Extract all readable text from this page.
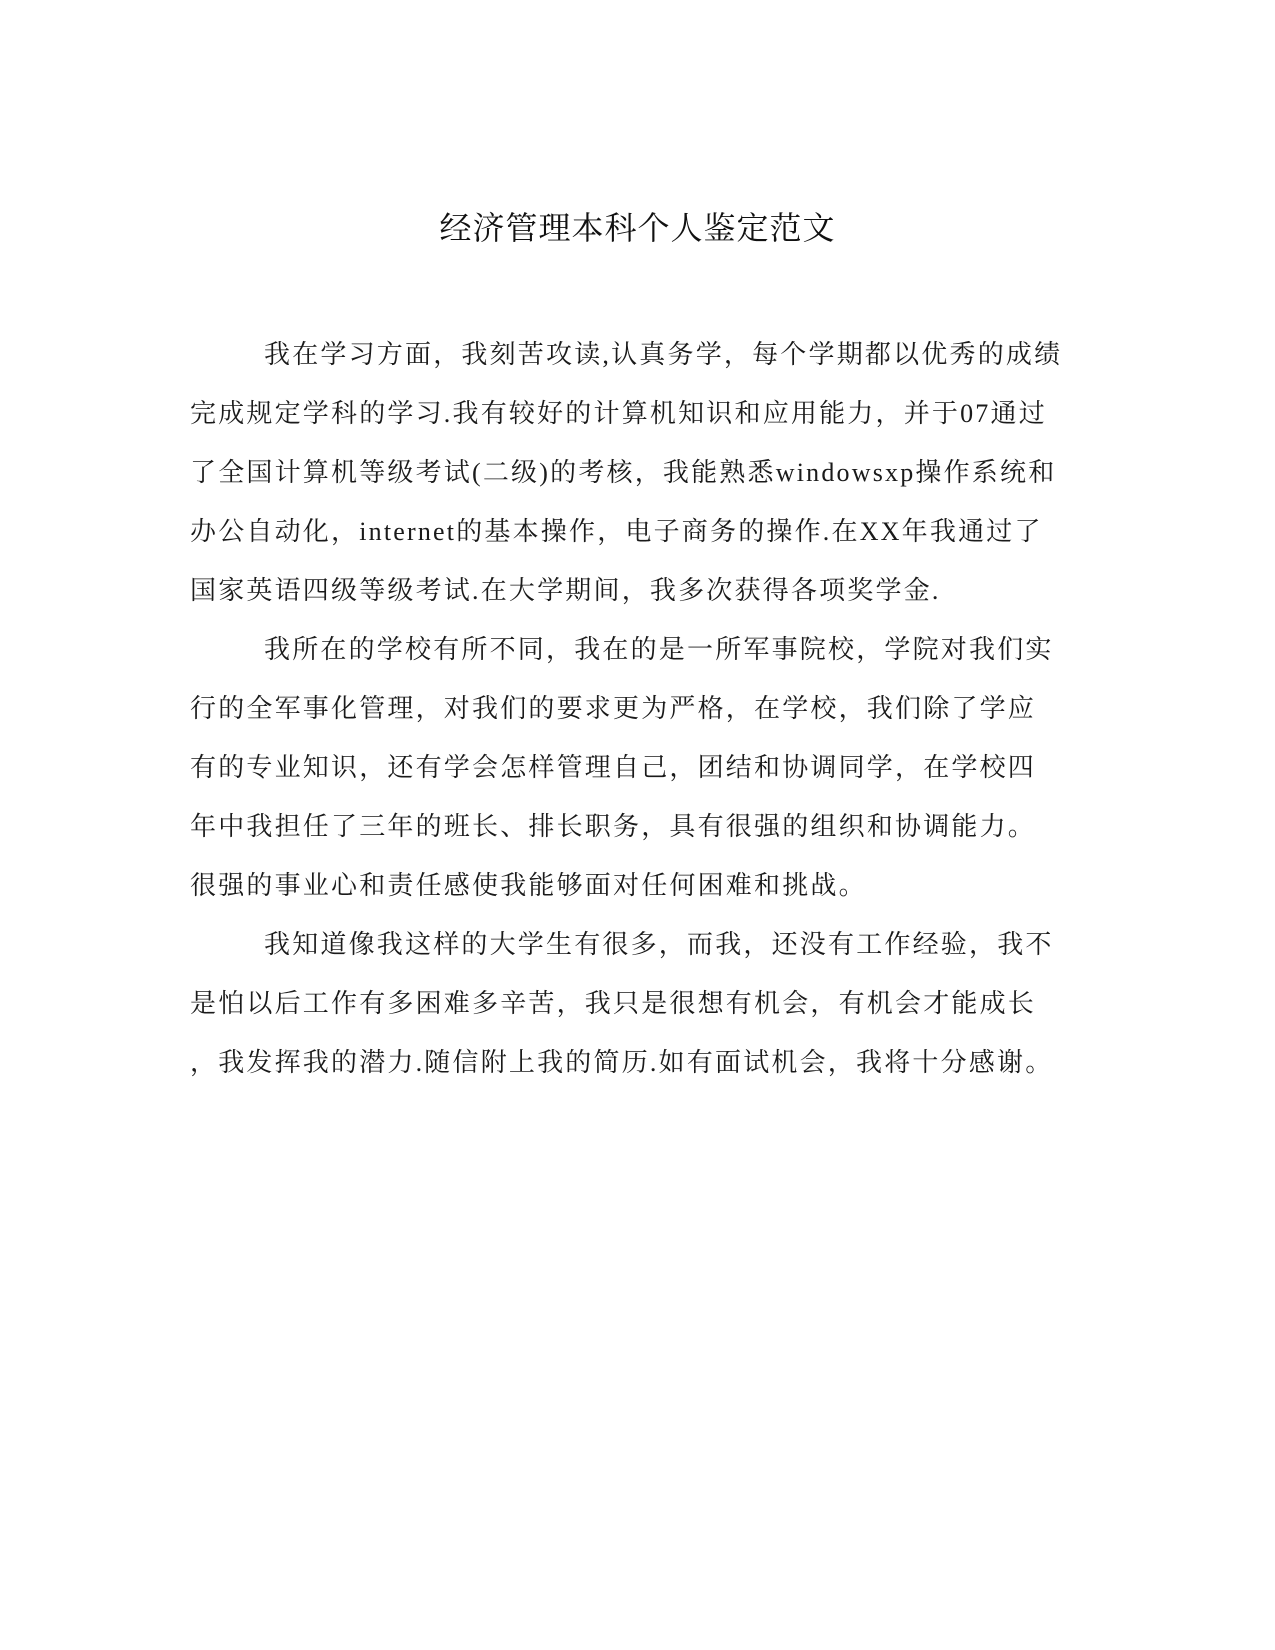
经济管理本科个人鉴定范文
我在学习方面，我刻苦攻读,认真务学，每个学期都以优秀的成绩
完成规定学科的学习.我有较好的计算机知识和应用能力，并于07通过
了全国计算机等级考试(二级)的考核，我能熟悉windowsxp操作系统和
办公自动化，internet的基本操作，电子商务的操作.在XX年我通过了
国家英语四级等级考试.在大学期间，我多次获得各项奖学金.
我所在的学校有所不同，我在的是一所军事院校，学院对我们实
行的全军事化管理，对我们的要求更为严格，在学校，我们除了学应
有的专业知识，还有学会怎样管理自己，团结和协调同学，在学校四
年中我担任了三年的班长、排长职务，具有很强的组织和协调能力。
很强的事业心和责任感使我能够面对任何困难和挑战。
我知道像我这样的大学生有很多，而我，还没有工作经验，我不
是怕以后工作有多困难多辛苦，我只是很想有机会，有机会才能成长
，我发挥我的潜力.随信附上我的简历.如有面试机会，我将十分感谢。
